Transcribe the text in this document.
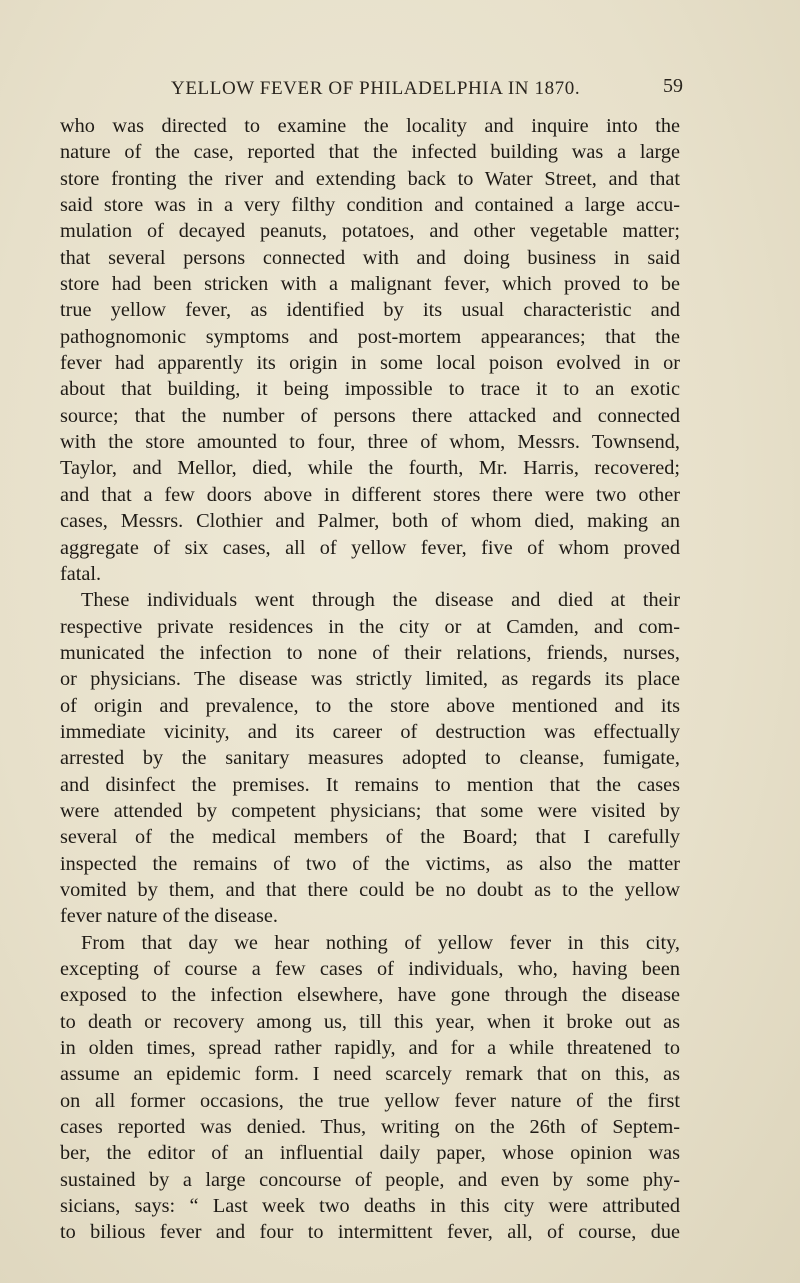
YELLOW FEVER OF PHILADELPHIA IN 1870.	59
who was directed to examine the locality and inquire into the
nature of the case, reported that the infected building was a large
store fronting the river and extending back to Water Street, and that
said store was in a very filthy condition and contained a large accu-
mulation of decayed peanuts, potatoes, and other vegetable matter;
that several persons connected with and doing business in said
store had been stricken with a malignant fever, which proved to be
true yellow fever, as identified by its usual characteristic and
pathognomonic symptoms and post-mortem appearances; that the
fever had apparently its origin in some local poison evolved in or
about that building, it being impossible to trace it to an exotic
source; that the number of persons there attacked and connected
with the store amounted to four, three of whom, Messrs. Townsend,
Taylor, and Mellor, died, while the fourth, Mr. Harris, recovered;
and that a few doors above in different stores there were two other
cases, Messrs. Clothier and Palmer, both of whom died, making an
aggregate of six cases, all of yellow fever, five of whom proved
fatal.
These individuals went through the disease and died at their
respective private residences in the city or at Camden, and com-
municated the infection to none of their relations, friends, nurses,
or physicians. The disease was strictly limited, as regards its place
of origin and prevalence, to the store above mentioned and its
immediate vicinity, and its career of destruction was effectually
arrested by the sanitary measures adopted to cleanse, fumigate,
and disinfect the premises. It remains to mention that the cases
were attended by competent physicians; that some were visited by
several of the medical members of the Board; that I carefully
inspected the remains of two of the victims, as also the matter
vomited by them, and that there could be no doubt as to the yellow
fever nature of the disease.
From that day we hear nothing of yellow fever in this city,
excepting of course a few cases of individuals, who, having been
exposed to the infection elsewhere, have gone through the disease
to death or recovery among us, till this year, when it broke out as
in olden times, spread rather rapidly, and for a while threatened to
assume an epidemic form. I need scarcely remark that on this, as
on all former occasions, the true yellow fever nature of the first
cases reported was denied. Thus, writing on the 26th of Septem-
ber, the editor of an influential daily paper, whose opinion was
sustained by a large concourse of people, and even by some phy-
sicians, says: “ Last week two deaths in this city were attributed
to bilious fever and four to intermittent fever, all, of course, due
